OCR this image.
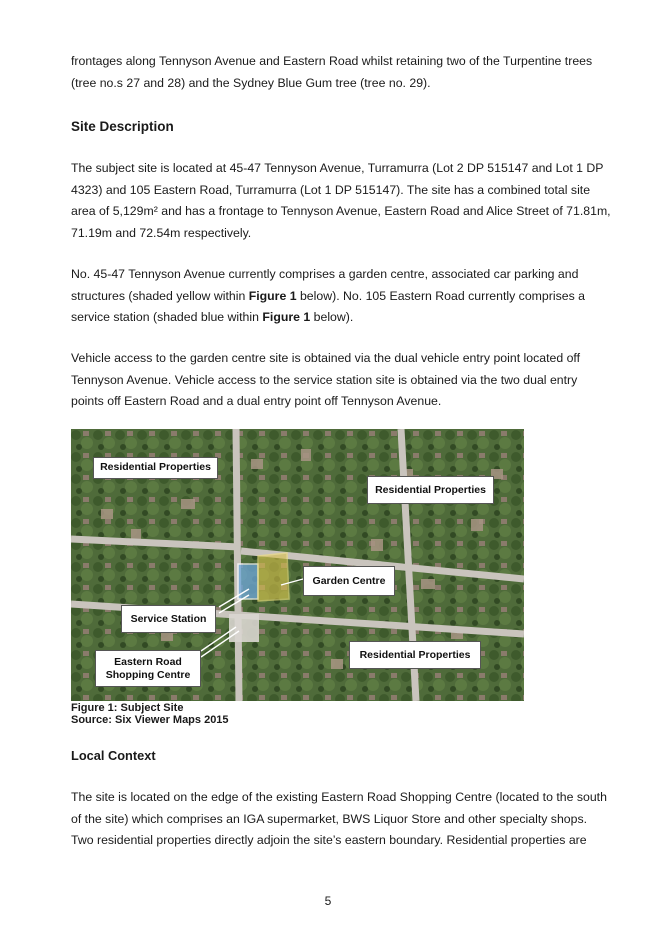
frontages along Tennyson Avenue and Eastern Road whilst retaining two of the Turpentine trees (tree no.s 27 and 28) and the Sydney Blue Gum tree (tree no. 29).

Site Description

The subject site is located at 45-47 Tennyson Avenue, Turramurra (Lot 2 DP 515147 and Lot 1 DP 4323) and 105 Eastern Road, Turramurra (Lot 1 DP 515147). The site has a combined total site area of 5,129m² and has a frontage to Tennyson Avenue, Eastern Road and Alice Street of 71.81m, 71.19m and 72.54m respectively.

No. 45-47 Tennyson Avenue currently comprises a garden centre, associated car parking and structures (shaded yellow within Figure 1 below). No. 105 Eastern Road currently comprises a service station (shaded blue within Figure 1 below).

Vehicle access to the garden centre site is obtained via the dual vehicle entry point located off Tennyson Avenue. Vehicle access to the service station site is obtained via the two dual entry points off Eastern Road and a dual entry point off Tennyson Avenue.

Residential Properties
Residential Properties
Garden Centre
Service Station
Eastern Road Shopping Centre
Residential Properties
Figure 1: Subject Site
Source: Six Viewer Maps 2015
Local Context

The site is located on the edge of the existing Eastern Road Shopping Centre (located to the south of the site) which comprises an IGA supermarket, BWS Liquor Store and other specialty shops. Two residential properties directly adjoin the site’s eastern boundary. Residential properties are

5
